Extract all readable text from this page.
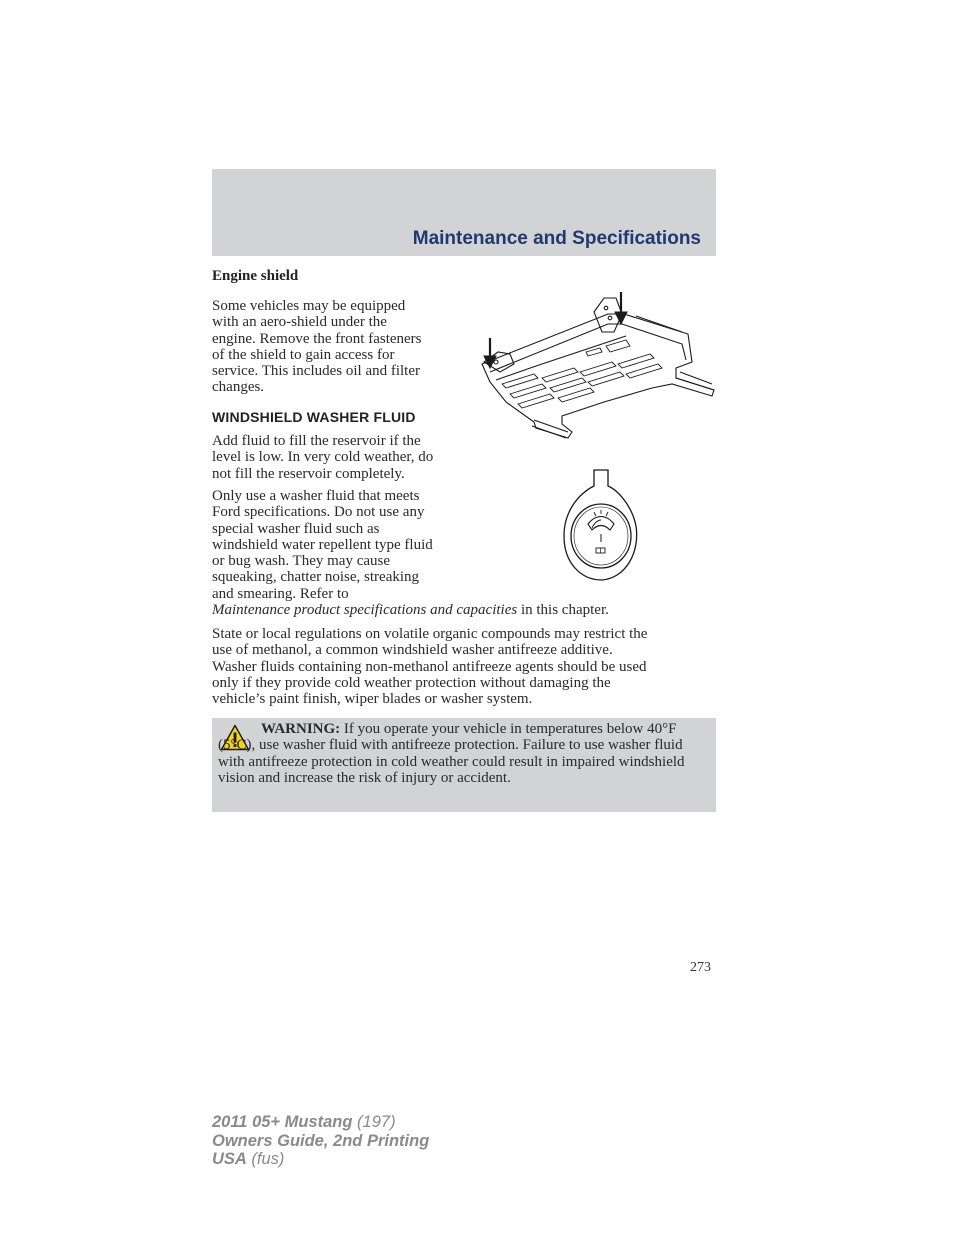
Maintenance and Specifications
Engine shield
Some vehicles may be equipped
with an aero-shield under the
engine. Remove the front fasteners
of the shield to gain access for
service. This includes oil and filter
changes.
WINDSHIELD WASHER FLUID
Add fluid to fill the reservoir if the
level is low. In very cold weather, do
not fill the reservoir completely.
Only use a washer fluid that meets
Ford specifications. Do not use any
special washer fluid such as
windshield water repellent type fluid
or bug wash. They may cause
squeaking, chatter noise, streaking
and smearing. Refer to
Maintenance product specifications and capacities in this chapter.
State or local regulations on volatile organic compounds may restrict the
use of methanol, a common windshield washer antifreeze additive.
Washer fluids containing non-methanol antifreeze agents should be used
only if they provide cold weather protection without damaging the
vehicle’s paint finish, wiper blades or washer system.
WARNING: If you operate your vehicle in temperatures below 40°F (5°C), use washer fluid with antifreeze protection. Failure to use washer fluid with antifreeze protection in cold weather could result in impaired windshield vision and increase the risk of injury or accident.
273
2011 05+ Mustang (197)
Owners Guide, 2nd Printing
USA (fus)
